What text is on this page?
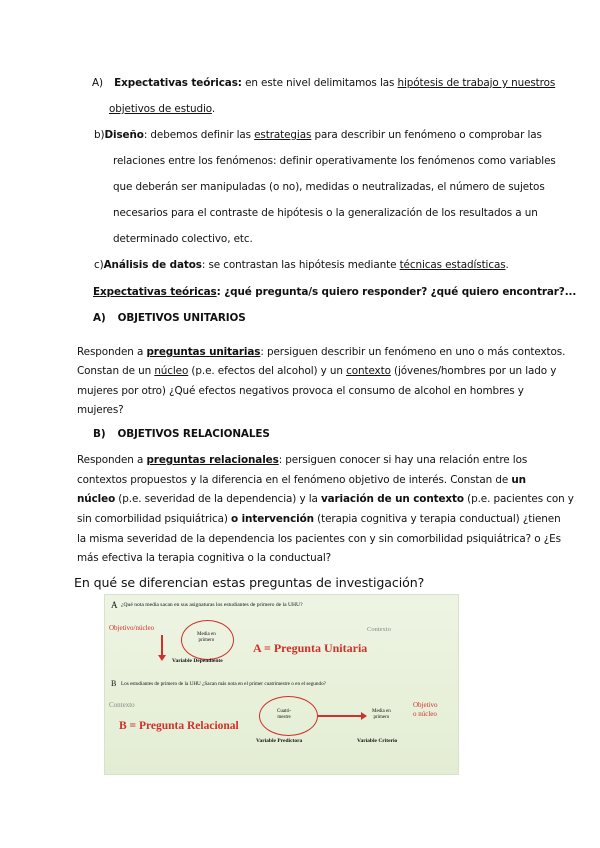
A) Expectativas teóricas: en este nivel delimitamos las hipótesis de trabajo y nuestros
objetivos de estudio.
b)Diseño: debemos definir las estrategias para describir un fenómeno o comprobar las
relaciones entre los fenómenos: definir operativamente los fenómenos como variables
que deberán ser manipuladas (o no), medidas o neutralizadas, el número de sujetos
necesarios para el contraste de hipótesis o la generalización de los resultados a un
determinado colectivo, etc.
c)Análisis de datos: se contrastan las hipótesis mediante técnicas estadísticas.
Expectativas teóricas: ¿qué pregunta/s quiero responder? ¿qué quiero encontrar?...
A) OBJETIVOS UNITARIOS
Responden a preguntas unitarias: persiguen describir un fenómeno en uno o más contextos.
Constan de un núcleo (p.e. efectos del alcohol) y un contexto (jóvenes/hombres por un lado y
mujeres por otro) ¿Qué efectos negativos provoca el consumo de alcohol en hombres y
mujeres?
B) OBJETIVOS RELACIONALES
Responden a preguntas relacionales: persiguen conocer si hay una relación entre los
contextos propuestos y la diferencia en el fenómeno objetivo de interés. Constan de un
núcleo (p.e. severidad de la dependencia) y la variación de un contexto (p.e. pacientes con y
sin comorbilidad psiquiátrica) o intervención (terapia cognitiva y terapia conductual) ¿tienen
la misma severidad de la dependencia los pacientes con y sin comorbilidad psiquiátrica? o ¿Es
más efectiva la terapia cognitiva o la conductual?
En qué se diferencian estas preguntas de investigación?
A ¿Qué nota media sacan en sus asignaturas los estudiantes de primero de la UHU?
Objetivo/núcleo
Media en
primero
Contexto
Variable Dependiente
A = Pregunta Unitaria
B Los estudiantes de primero de la UHU ¿Sacan más nota en el primer cuatrimestre o en el segundo?
Contexto
B = Pregunta Relacional
Cuatri-
mestre
Media en
primero
Objetivo
o núcleo
Variable Predictora	Variable Criterio
